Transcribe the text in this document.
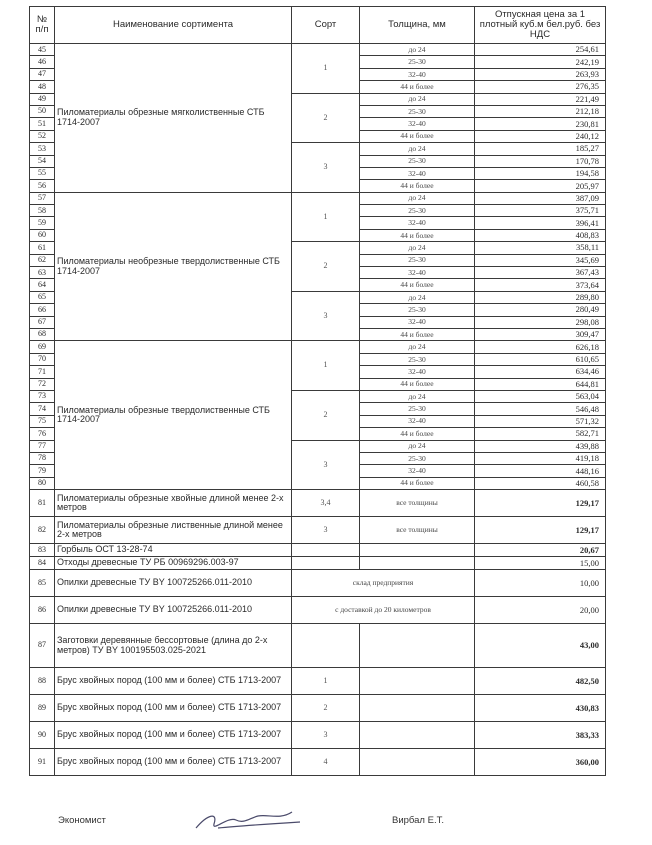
№ п/п	Наименование сортимента	Сорт	Толщина, мм	Отпускная цена за 1 плотный куб.м бел.руб. без НДС
45	Пиломатериалы обрезные мягколиственные СТБ 1714-2007	1	до 24	254,61
46			25-30	242,19
47			32-40	263,93
48			44 и более	276,35
49		2	до 24	221,49
50			25-30	212,18
51			32-40	230,81
52			44 и более	240,12
53		3	до 24	185,27
54			25-30	170,78
55			32-40	194,58
56			44 и более	205,97
57	Пиломатериалы необрезные твердолиственные СТБ 1714-2007	1	до 24	387,09
58			25-30	375,71
59			32-40	396,41
60			44 и более	408,83
61		2	до 24	358,11
62			25-30	345,69
63			32-40	367,43
64			44 и более	373,64
65		3	до 24	289,80
66			25-30	280,49
67			32-40	298,08
68			44 и более	309,47
69	Пиломатериалы обрезные твердолиственные СТБ 1714-2007	1	до 24	626,18
70			25-30	610,65
71			32-40	634,46
72			44 и более	644,81
73		2	до 24	563,04
74			25-30	546,48
75			32-40	571,32
76			44 и более	582,71
77		3	до 24	439,88
78			25-30	419,18
79			32-40	448,16
80			44 и более	460,58
81	Пиломатериалы обрезные хвойные длиной менее 2-х метров	3,4	все толщины	129,17
82	Пиломатериалы обрезные лиственные длиной менее 2-х метров	3	все толщины	129,17
83	Горбыль ОСТ 13-28-74			20,67
84	Отходы древесные ТУ РБ 00969296.003-97			15,00
85	Опилки древесные ТУ BY 100725266.011-2010	склад предприятия		10,00
86	Опилки древесные ТУ BY 100725266.011-2010	с доставкой до 20 километров		20,00
87	Заготовки деревянные бессортовые (длина до 2-х метров) ТУ BY 100195503.025-2021			43,00
88	Брус хвойных пород (100 мм и более) СТБ 1713-2007	1		482,50
89	Брус хвойных пород (100 мм и более) СТБ 1713-2007	2		430,83
90	Брус хвойных пород (100 мм и более) СТБ 1713-2007	3		383,33
91	Брус хвойных пород (100 мм и более) СТБ 1713-2007	4		360,00
Экономист	Вирбал Е.Т.
